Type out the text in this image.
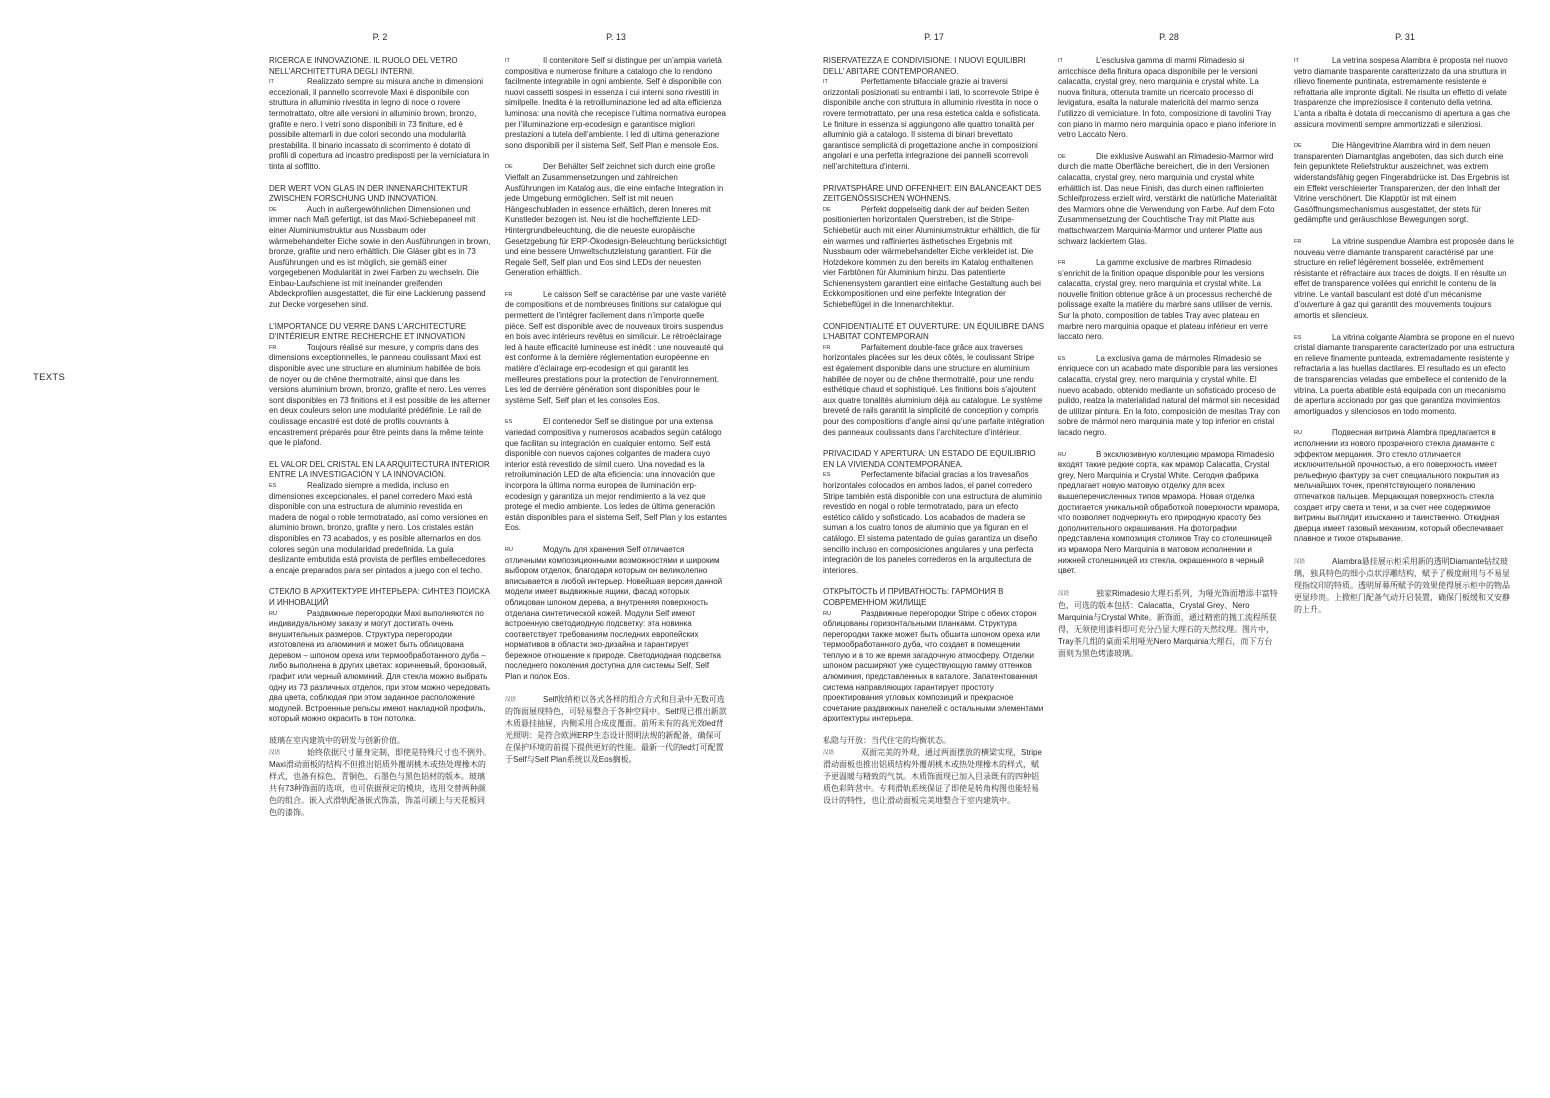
TEXTS
P. 2
RICERCA E INNOVAZIONE. IL RUOLO DEL VETRO NELL’ARCHITETTURA DEGLI INTERNI.
IT	Realizzato sempre su misura anche in dimensioni eccezionali, il pannello scorrevole Maxi è disponibile con struttura in alluminio rivestita in legno di noce o rovere termotrattato, oltre alle versioni in alluminio brown, bronzo, grafite e nero. I vetri sono disponibili in 73 finiture, ed è possibile alternarli in due colori secondo una modularità prestabilita. Il binario incassato di scorrimento è dotato di profili di copertura ad incastro predisposti per la verniciatura in tinta al soffitto.
DER WERT VON GLAS IN DER INNENARCHITEKTUR ZWISCHEN FORSCHUNG UND INNOVATION.
DE	Auch in außergewöhnlichen Dimensionen und immer nach Maß gefertigt, ist das Maxi-Schiebepaneel mit einer Aluminiumstruktur aus Nussbaum oder wärmebehandelter Eiche sowie in den Ausführungen in brown, bronze, grafite und nero erhältlich. Die Gläser gibt es in 73 Ausführungen und es ist möglich, sie gemäß einer vorgegebenen Modularität in zwei Farben zu wechseln. Die Einbau-Laufschiene ist mit ineinander greifenden Abdeckprofilen ausgestattet, die für eine Lackierung passend zur Decke vorgesehen sind.
L’IMPORTANCE DU VERRE DANS L’ARCHITECTURE D’INTÉRIEUR ENTRE RECHERCHE ET INNOVATION
FR	Toujours réalisé sur mesure, y compris dans des dimensions exceptionnelles, le panneau coulissant Maxi est disponible avec une structure en aluminium habillée de bois de noyer ou de chêne thermotraité, ainsi que dans les versions aluminium brown, bronzo, grafite et nero. Les verres sont disponibles en 73 finitions et il est possible de les alterner en deux couleurs selon une modularité prédéfinie. Le rail de coulissage encastré est doté de profils couvrants à encastrement préparés pour être peints dans la même teinte que le plafond.
EL VALOR DEL CRISTAL EN LA ARQUITECTURA INTERIOR ENTRE LA INVESTIGACIÓN Y LA INNOVACIÓN.
ES	Realizado siempre a medida, incluso en dimensiones excepcionales, el panel corredero Maxi está disponible con una estructura de aluminio revestida en madera de nogal o roble termotratado, así como versiones en aluminio brown, bronzo, grafite y nero. Los cristales están disponibles en 73 acabados, y es posible alternarlos en dos colores según una modularidad predefinida. La guía deslizante embutida está provista de perfiles embellecedores a encaje preparados para ser pintados a juego con el techo.
СТЕКЛО В АРХИТЕКТУРЕ ИНТЕРЬЕРА: СИНТЕЗ ПОИСКА И ИННОВАЦИЙ
RU	Раздвижные перегородки Maxi выполняются по индивидуальному заказу и могут достигать очень внушительных размеров. Структура перегородки изготовлена из алюминия и может быть облицована деревом – шпоном ореха или термообработанного дуба – либо выполнена в других цветах: коричневый, бронзовый, графит или черный алюминий. Для стекла можно выбрать одну из 73 различных отделок, при этом можно чередовать два цвета, соблюдая при этом заданное расположение модулей. Встроенные рельсы имеют накладной профиль, который можно окрасить в тон потолка.
玻璃在室内建筑中的研发与创新价值。
汉语	始终依据尺寸量身定制，即使是特殊尺寸也不例外。Maxi滑动面板的结构不但推出铝质外覆胡桃木或热处理橡木的样式，也备有棕色、青铜色、石墨色与黑色铝材的版本。玻璃共有73种饰面的选项，也可依据预定的模块，选用交替两种颜色的组合。嵌入式滑轨配备嵌式饰盖，饰盖可刷上与天花板同色的漆饰。
P. 13
IT	Il contenitore Self si distingue per un’ampia varietà compositiva e numerose finiture a catalogo che lo rendono facilmente integrabile in ogni ambiente. Self è disponibile con nuovi cassetti sospesi in essenza i cui interni sono rivestiti in similpelle. Inedita è la retroilluminazione led ad alta efficienza luminosa: una novità che recepisce l’ultima normativa europea per l’illuminazione erp-ecodesign e garantisce migliori prestazioni a tutela dell’ambiente. I led di ultima generazione sono disponibili per il sistema Self, Self Plan e mensole Eos.
DE	Der Behälter Self zeichnet sich durch eine große Vielfalt an Zusammensetzungen und zahlreichen Ausführungen im Katalog aus, die eine einfache Integration in jede Umgebung ermöglichen. Self ist mit neuen Hängeschubladen in essence erhältlich, deren Inneres mit Kunstleder bezogen ist. Neu ist die hocheffiziente LED-Hintergrundbeleuchtung, die die neueste europäische Gesetzgebung für ERP-Ökodesign-Beleuchtung berücksichtigt und eine bessere Umweltschutzleistung garantiert. Für die Regale Self, Self plan und Eos sind LEDs der neuesten Generation erhältlich.
FR	Le caisson Self se caractérise par une vaste variété de compositions et de nombreuses finitions sur catalogue qui permettent de l’intégrer facilement dans n’importe quelle pièce. Self est disponible avec de nouveaux tiroirs suspendus en bois avec intérieurs revêtus en similicuir. Le rétroéclairage led à haute efficacité lumineuse est inédit : une nouveauté qui est conforme à la dernière réglementation européenne en matière d’éclairage erp-ecodesign et qui garantit les meilleures prestations pour la protection de l’environnement. Les led de dernière génération sont disponibles pour le système Self, Self plan et les consoles Eos.
ES	El contenedor Self se distingue por una extensa variedad compositiva y numerosos acabados según catálogo que facilitan su integración en cualquier entorno. Self está disponible con nuevos cajones colgantes de madera cuyo interior está revestido de símil cuero. Una novedad es la retroiluminación LED de alta eficiencia: una innovación que incorpora la última norma europea de iluminación erp-ecodesign y garantiza un mejor rendimiento a la vez que protege el medio ambiente. Los ledes de última generación están disponibles para el sistema Self, Self Plan y los estantes Eos.
RU	Модуль для хранения Self отличается отличными композиционными возможностями и широким выбором отделок, благодаря которым он великолепно вписывается в любой интерьер. Новейшая версия данной модели имеет выдвижные ящики, фасад которых облицован шпоном дерева, а внутренняя поверхность отделана синтетической кожей. Модули Self имеют встроенную светодиодную подсветку: эта новинка соответствует требованиям последних европейских нормативов в области эко-дизайна и гарантирует бережное отношение к природе. Светодиодная подсветка последнего поколения доступна для системы Self, Self Plan и полок Eos.
汉语	Self收纳柜以各式各样的组合方式和目录中无数可选的饰面展现特色，可轻易整合于各种空间中。Self现已推出新款木质悬挂抽屉，内侧采用合成皮覆面。前所未有的高光效led背光照明：是符合欧洲ERP生态设计照明法规的新配备，确保可在保护环境的前提下提供更好的性能。最新一代的led灯可配置于Self与Self Plan系统以及Eos搁板。
P. 17
RISERVATEZZA E CONDIVISIONE. I NUOVI EQUILIBRI DELL’ ABITARE CONTEMPORANEO.
IT	Perfettamente bifacciale grazie ai traversi orizzontali posizionati su entrambi i lati, lo scorrevole Stripe è disponibile anche con struttura in alluminio rivestita in noce o rovere termotrattato, per una resa estetica calda e sofisticata. Le finiture in essenza si aggiungono alle quattro tonalità per alluminio già a catalogo. Il sistema di binari brevettato garantisce semplicità di progettazione anche in composizioni angolari e una perfetta integrazione dei pannelli scorrevoli nell’architettura d’interni.
PRIVATSPHÄRE UND OFFENHEIT: EIN BALANCEAKT DES ZEITGENÖSSISCHEN WOHNENS.
DE	Perfekt doppelseitig dank der auf beiden Seiten positionierten horizontalen Querstreben, ist die Stripe-Schiebetür auch mit einer Aluminiumstruktur erhältlich, die für ein warmes und raffiniertes ästhetisches Ergebnis mit Nussbaum oder wärmebehandelter Eiche verkleidet ist. Die Holzdekore kommen zu den bereits im Katalog enthaltenen vier Farbtönen für Aluminium hinzu. Das patentierte Schienensystem garantiert eine einfache Gestaltung auch bei Eckkompositionen und eine perfekte Integration der Schiebeflügel in die Innenarchitektur.
CONFIDENTIALITÉ ET OUVERTURE: UN ÉQUILIBRE DANS L’HABITAT CONTEMPORAIN
FR	Parfaitement double-face grâce aux traverses horizontales placées sur les deux côtés, le coulissant Stripe est également disponible dans une structure en aluminium habillée de noyer ou de chêne thermotraité, pour une rendu esthétique chaud et sophistiqué. Les finitions bois s’ajoutent aux quatre tonalités aluminium déjà au catalogue. Le système breveté de rails garantit la simplicité de conception y compris pour des compositions d’angle ainsi qu’une parfaite intégration des panneaux coulissants dans l’architecture d’intérieur.
PRIVACIDAD Y APERTURA: UN ESTADO DE EQUILIBRIO EN LA VIVIENDA CONTEMPORÁNEA.
ES	Perfectamente bifacial gracias a los travesaños horizontales colocados en ambos lados, el panel corredero Stripe también está disponible con una estructura de aluminio revestido en nogal o roble termotratado, para un efecto estético cálido y sofisticado. Los acabados de madera se suman a los cuatro tonos de aluminio que ya figuran en el catálogo. El sistema patentado de guías garantiza un diseño sencillo incluso en composiciones angulares y una perfecta integración de los paneles correderos en la arquitectura de interiores.
ОТКРЫТОСТЬ И ПРИВАТНОСТЬ: ГАРМОНИЯ В СОВРЕМЕННОМ ЖИЛИЩЕ
RU	Раздвижные перегородки Stripe с обеих сторон облицованы горизонтальными планками. Структура перегородки также может быть обшита шпоном ореха или термообработанного дуба, что создает в помещении теплую и в то же время загадочную атмосферу. Отделки шпоном расширяют уже существующую гамму оттенков алюминия, представленных в каталоге. Запатентованная система направляющих гарантирует простоту проектирования угловых композиций и прекрасное сочетание раздвижных панелей с остальными элементами архитектуры интерьера.
私隐与开放：当代住宅的均衡状态。
汉语	双面完美的外观，通过两面摆放的横梁实现，Stripe滑动面板也推出铝质结构外覆胡桃木或热处理橡木的样式，赋予更温暖与精致的气氛。木质饰面现已加入目录既有的四种铝质色彩阵营中。专利滑轨系统保证了即使是转角构图也能轻易设计的特性，也让滑动面板完美地整合于室内建筑中。
P. 28
IT	L’esclusiva gamma di marmi Rimadesio si arricchisce della finitura opaca disponibile per le versioni calacatta, crystal grey, nero marquinia e crystal white. La nuova finitura, ottenuta tramite un ricercato processo di levigatura, esalta la naturale matericità del marmo senza l’utilizzo di verniciature. In foto, composizione di tavolini Tray con piano in marmo nero marquinia opaco e piano inferiore in vetro Laccato Nero.
DE	Die exklusive Auswahl an Rimadesio-Marmor wird durch die matte Oberfläche bereichert, die in den Versionen calacatta, crystal grey, nero marquinia und crystal white erhältlich ist. Das neue Finish, das durch einen raffinierten Schleifprozess erzielt wird, verstärkt die natürliche Materialität des Marmors ohne die Verwendung von Farbe. Auf dem Foto Zusammensetzung der Couchtische Tray mit Platte aus mattschwarzem Marquinia-Marmor und unterer Platte aus schwarz lackiertem Glas.
FR	La gamme exclusive de marbres Rimadesio s’enrichit de la finition opaque disponible pour les versions calacatta, crystal grey, nero marquinia et crystal white. La nouvelle finition obtenue grâce à un processus recherché de polissage exalte la matière du marbre sans utiliser de vernis. Sur la photo, composition de tables Tray avec plateau en marbre nero marquinia opaque et plateau inférieur en verre laccato nero.
ES	La exclusiva gama de mármoles Rimadesio se enriquece con un acabado mate disponible para las versiones calacatta, crystal grey, nero marquinia y crystal white. El nuevo acabado, obtenido mediante un sofisticado proceso de pulido, realza la materialidad natural del mármol sin necesidad de utilizar pintura. En la foto, composición de mesitas Tray con sobre de mármol nero marquinia mate y top inferior en cristal lacado negro.
RU	В эксклюзивную коллекцию мрамора Rimadesio входят такие редкие сорта, как мрамор Calacatta, Crystal grey, Nero Marquinia и Crystal White. Сегодня фабрика предлагает новую матовую отделку для всех вышеперечисленных типов мрамора. Новая отделка достигается уникальной обработкой поверхности мрамора, что позволяет подчеркнуть его природную красоту без дополнительного окрашивания. На фотографии представлена композиция столиков Tray со столешницей из мрамора Nero Marquinia в матовом исполнении и нижней столешницей из стекла, окрашенного в черный цвет.
汉语	独家Rimadesio大理石系列，为哑光饰面增添丰富特色，可选的版本包括：Calacatta、Crystal Grey、Nero Marquinia与Crystal White。新饰面，通过精密的抛工流程所获得，无须使用漆料即可充分凸显大理石的天然纹理。图片中，Tray茶几组的桌面采用哑光Nero Marquinia大理石，而下方台面则为黑色烤漆玻璃。
P. 31
IT	La vetrina sospesa Alambra è proposta nel nuovo vetro diamante trasparente caratterizzato da una struttura in rilievo finemente puntinata, estremamente resistente e refrattaria alle impronte digitali. Ne risulta un effetto di velate trasparenze che impreziosisce il contenuto della vetrina. L’anta a ribalta è dotata di meccanismo di apertura a gas che assicura movimenti sempre ammortizzati e silenziosi.
DE	Die Hängevitrine Alambra wird in dem neuen transparenten Diamantglas angeboten, das sich durch eine fein gepunktete Reliefstruktur auszeichnet, was extrem widerstandsfähig gegen Fingerabdrücke ist. Das Ergebnis ist ein Effekt verschleierter Transparenzen, der den Inhalt der Vitrine verschönert. Die Klapptür ist mit einem Gasöffnungsmechanismus ausgestattet, der stets für gedämpfte und geräuschlose Bewegungen sorgt.
FR	La vitrine suspendue Alambra est proposée dans le nouveau verre diamante transparent caractérisé par une structure en relief légèrement bosselée, extrêmement résistante et réfractaire aux traces de doigts. Il en résulte un effet de transparence voilées qui enrichit le contenu de la vitrine. Le vantail basculant est doté d’un mécanisme d’ouverture à gaz qui garantit des mouvements toujours amortis et silencieux.
ES	La vitrina colgante Alambra se propone en el nuevo cristal diamante transparente caracterizado por una estructura en relieve finamente punteada, extremadamente resistente y refractaria a las huellas dactilares. El resultado es un efecto de transparencias veladas que embellece el contenido de la vitrina. La puerta abatible está equipada con un mecanismo de apertura accionado por gas que garantiza movimientos amortiguados y silenciosos en todo momento.
RU	Подвесная витрина Alambra предлагается в исполнении из нового прозрачного стекла диаманте с эффектом мерцания. Это стекло отличается исключительной прочностью, а его поверхность имеет рельефную фактуру за счет специального покрытия из мельчайших точек, препятствующего появлению отпечатков пальцев. Мерцающая поверхность стекла создает игру света и тени, и за счет нее содержимое витрины выглядит изысканно и таинственно. Откидная дверца имеет газовый механизм, который обеспечивает плавное и тихое открывание.
汉语	Alambra悬挂展示柜采用新的透明Diamante钻纹玻璃，独具特色的细小点状浮雕结构，赋予了极度耐用与不易显现指纹印的特质。透明屏幕所赋予的效果使得展示柜中的物品更显珍贵。上掀柜门配备气动开启装置，确保门板缓和又安静的上升。
